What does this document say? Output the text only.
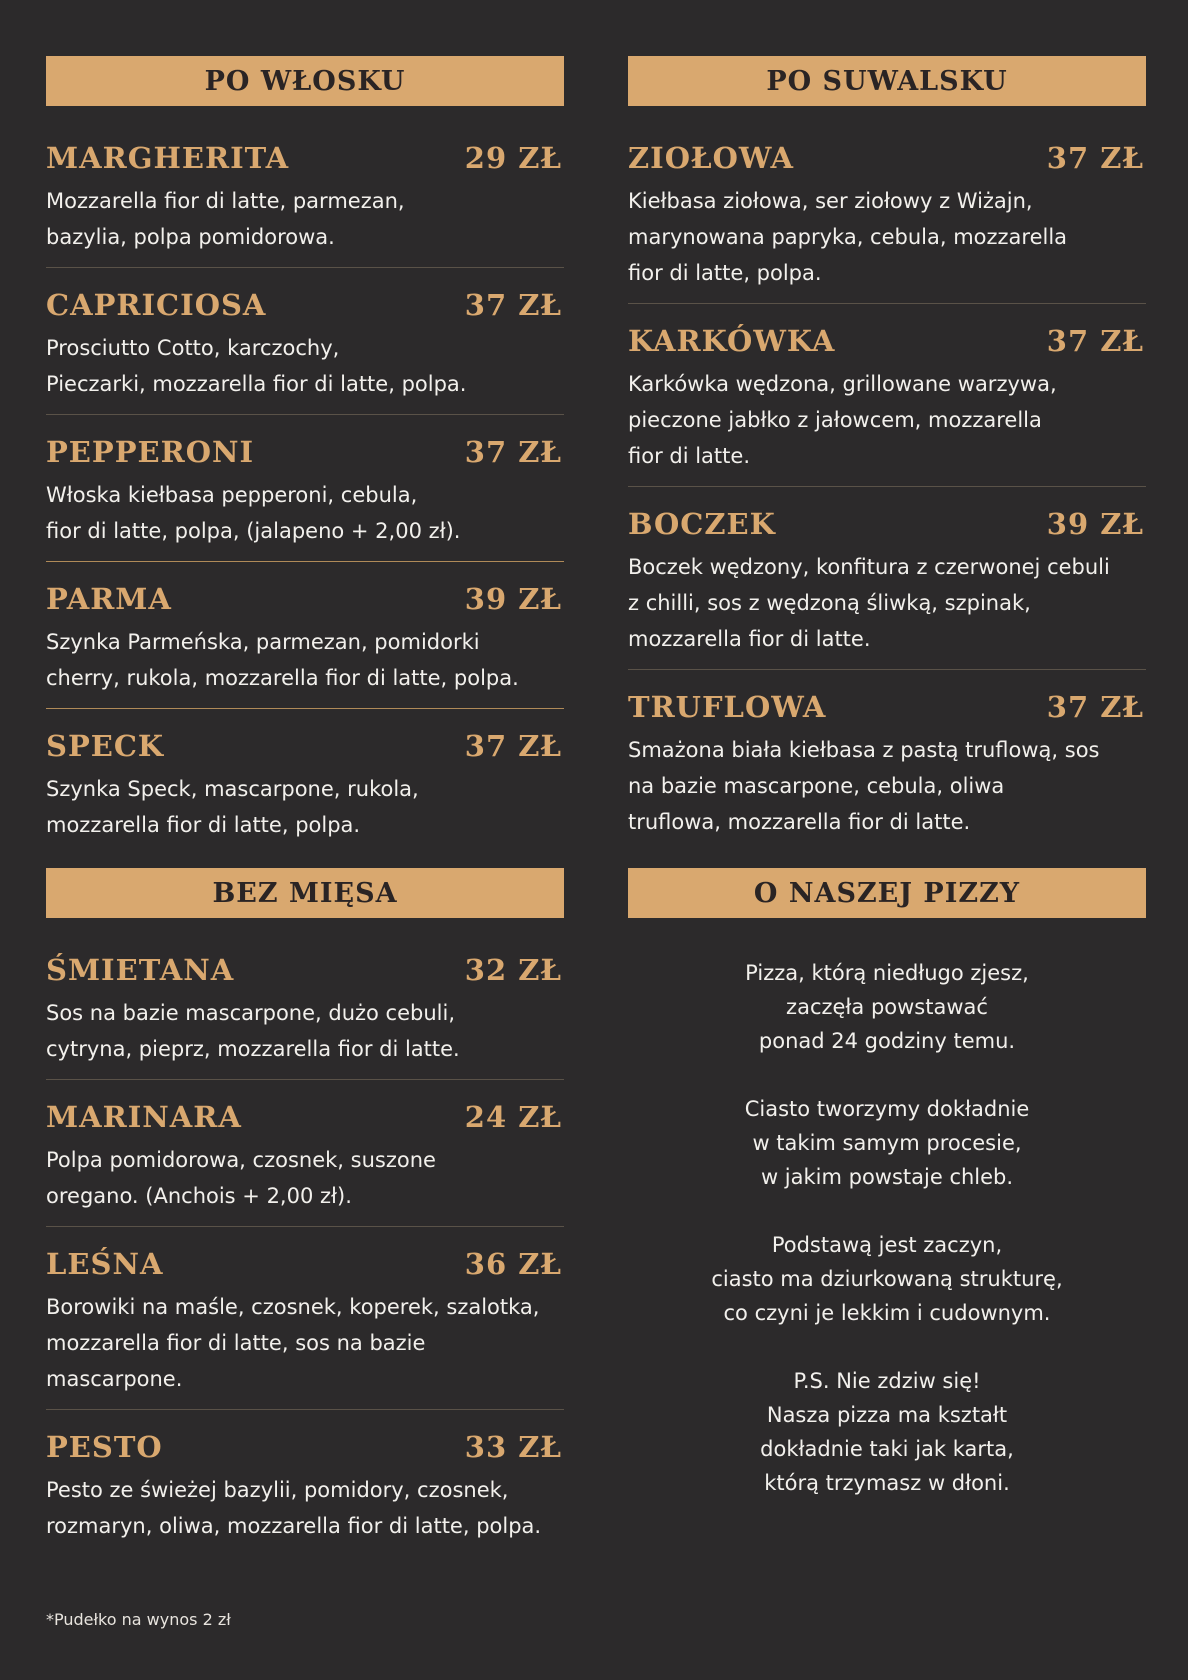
PO WŁOSKU
MARGHERITA	29 ZŁ
Mozzarella fior di latte, parmezan,
bazylia, polpa pomidorowa.
CAPRICIOSA	37 ZŁ
Prosciutto Cotto, karczochy,
Pieczarki, mozzarella fior di latte, polpa.
PEPPERONI	37 ZŁ
Włoska kiełbasa pepperoni, cebula,
fior di latte, polpa, (jalapeno + 2,00 zł).
PARMA	39 ZŁ
Szynka Parmeńska, parmezan, pomidorki
cherry, rukola, mozzarella fior di latte, polpa.
SPECK	37 ZŁ
Szynka Speck, mascarpone, rukola,
mozzarella fior di latte, polpa.
PO SUWALSKU
ZIOŁOWA	37 ZŁ
Kiełbasa ziołowa, ser ziołowy z Wiżajn,
marynowana papryka, cebula, mozzarella
fior di latte, polpa.
KARKÓWKA	37 ZŁ
Karkówka wędzona, grillowane warzywa,
pieczone jabłko z jałowcem, mozzarella
fior di latte.
BOCZEK	39 ZŁ
Boczek wędzony, konfitura z czerwonej cebuli
z chilli, sos z wędzoną śliwką, szpinak,
mozzarella fior di latte.
TRUFLOWA	37 ZŁ
Smażona biała kiełbasa z pastą truflową, sos
na bazie mascarpone, cebula, oliwa
truflowa, mozzarella fior di latte.
BEZ MIĘSA
ŚMIETANA	32 ZŁ
Sos na bazie mascarpone, dużo cebuli,
cytryna, pieprz, mozzarella fior di latte.
MARINARA	24 ZŁ
Polpa pomidorowa, czosnek, suszone
oregano. (Anchois + 2,00 zł).
LEŚNA	36 ZŁ
Borowiki na maśle, czosnek, koperek, szalotka,
mozzarella fior di latte, sos na bazie mascarpone.
PESTO	33 ZŁ
Pesto ze świeżej bazylii, pomidory, czosnek,
rozmaryn, oliwa, mozzarella fior di latte, polpa.
O NASZEJ PIZZY

Pizza, którą niedługo zjesz,
zaczęła powstawać
ponad 24 godziny temu.

Ciasto tworzymy dokładnie
w takim samym procesie,
w jakim powstaje chleb.

Podstawą jest zaczyn,
ciasto ma dziurkowaną strukturę,
co czyni je lekkim i cudownym.

P.S. Nie zdziw się!
Nasza pizza ma kształt
dokładnie taki jak karta,
którą trzymasz w dłoni.

*Pudełko na wynos 2 zł
